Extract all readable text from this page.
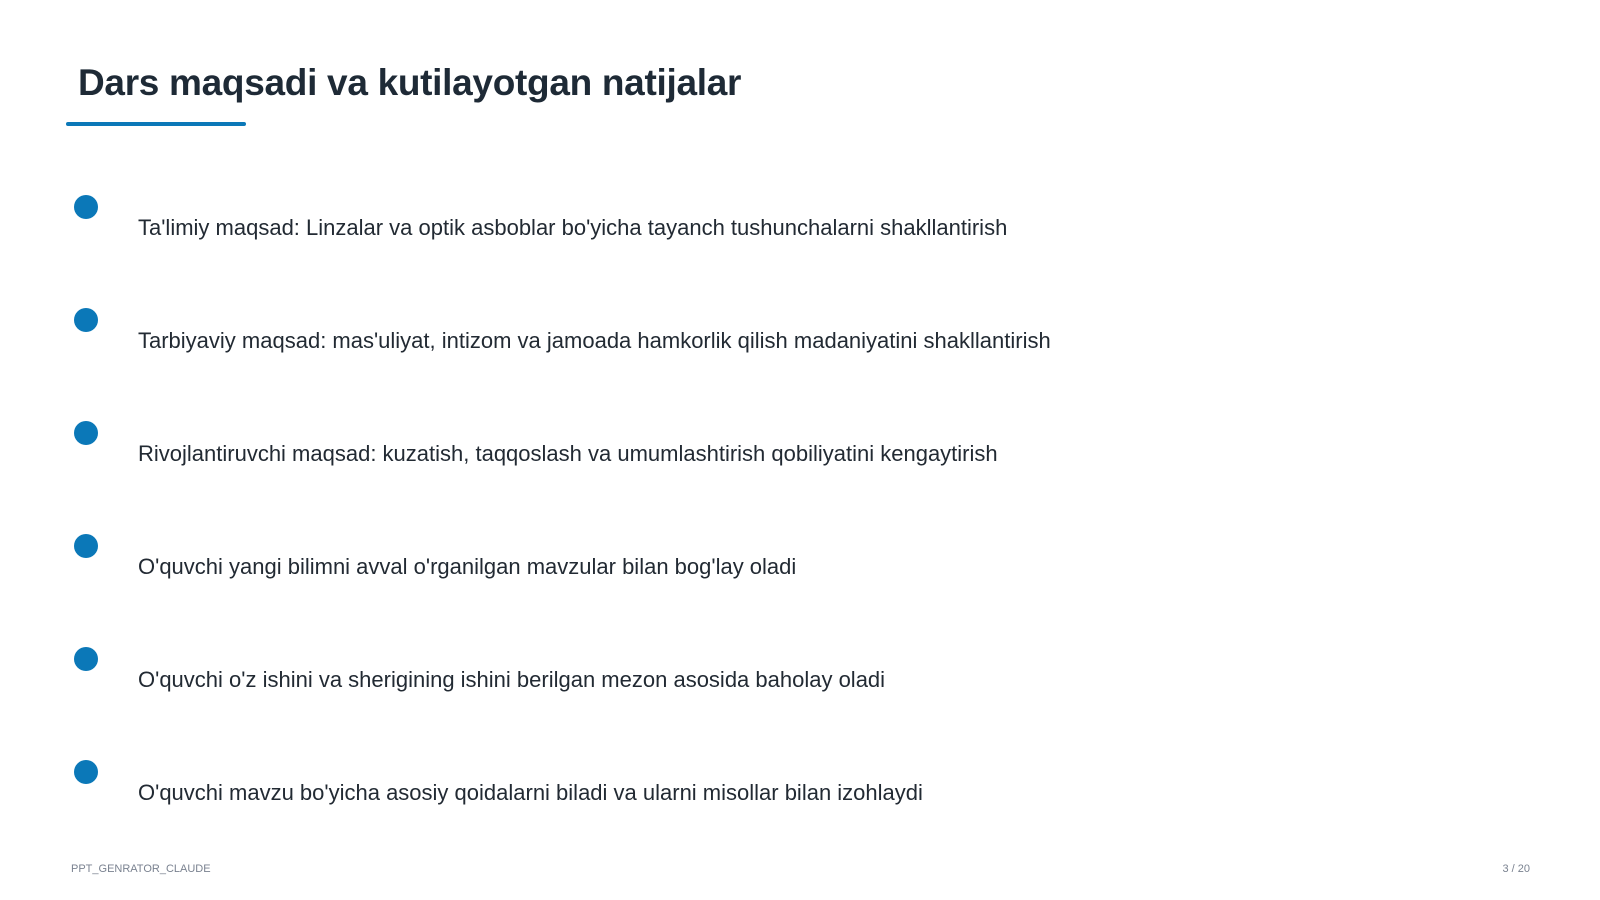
Dars maqsadi va kutilayotgan natijalar
Ta'limiy maqsad: Linzalar va optik asboblar bo'yicha tayanch tushunchalarni shakllantirish
Tarbiyaviy maqsad: mas'uliyat, intizom va jamoada hamkorlik qilish madaniyatini shakllantirish
Rivojlantiruvchi maqsad: kuzatish, taqqoslash va umumlashtirish qobiliyatini kengaytirish
O'quvchi yangi bilimni avval o'rganilgan mavzular bilan bog'lay oladi
O'quvchi o'z ishini va sherigining ishini berilgan mezon asosida baholay oladi
O'quvchi mavzu bo'yicha asosiy qoidalarni biladi va ularni misollar bilan izohlaydi
PPT_GENRATOR_CLAUDE	3 / 20
